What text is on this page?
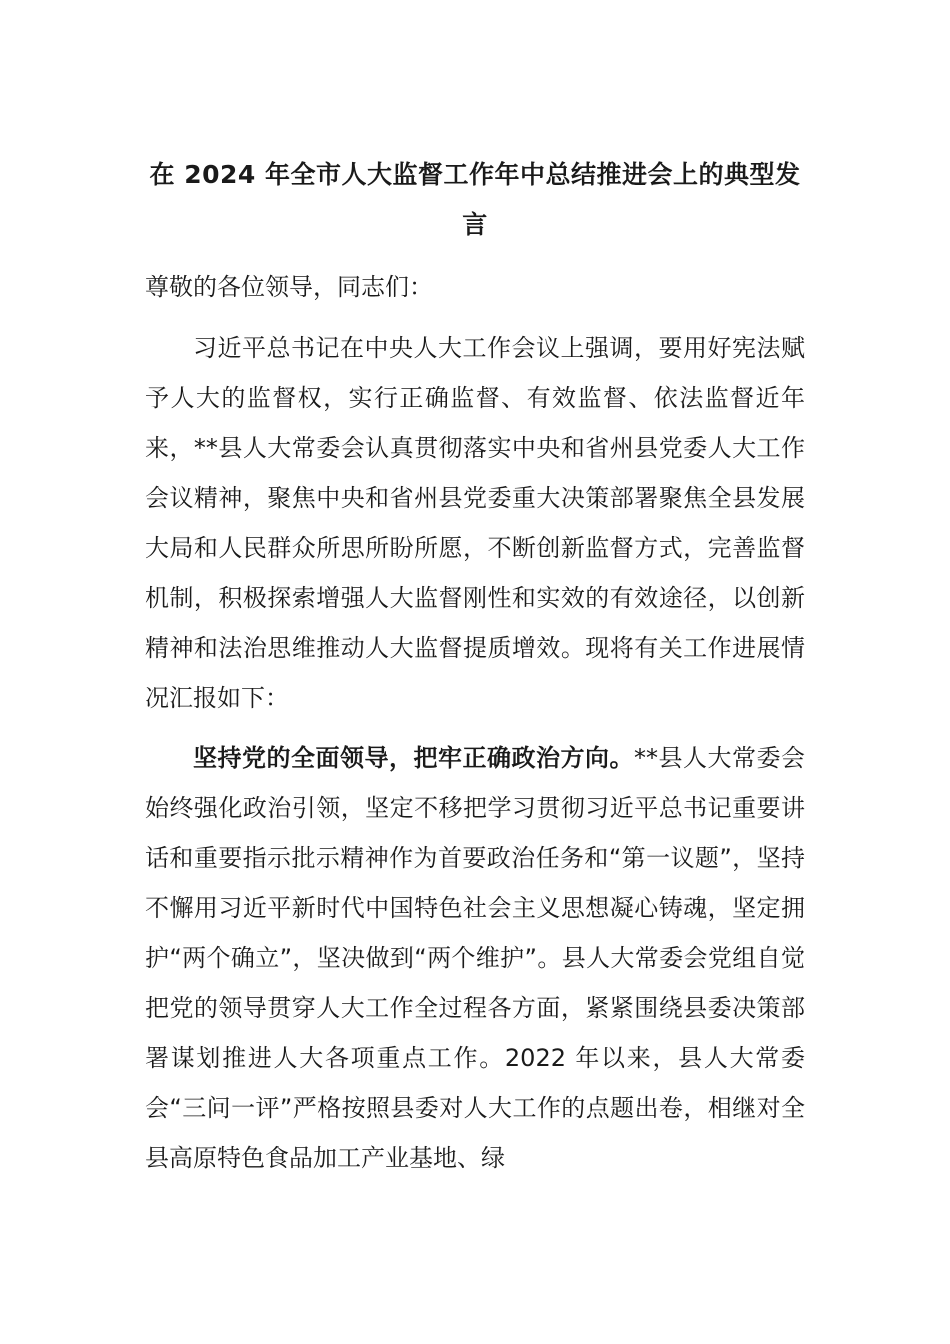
在 2024 年全市人大监督工作年中总结推进会上的典型发言

尊敬的各位领导，同志们：

习近平总书记在中央人大工作会议上强调，要用好宪法赋予人大的监督权，实行正确监督、有效监督、依法监督近年来，**县人大常委会认真贯彻落实中央和省州县党委人大工作会议精神，聚焦中央和省州县党委重大决策部署聚焦全县发展大局和人民群众所思所盼所愿，不断创新监督方式，完善监督机制，积极探索增强人大监督刚性和实效的有效途径，以创新精神和法治思维推动人大监督提质增效。现将有关工作进展情况汇报如下：

坚持党的全面领导，把牢正确政治方向。**县人大常委会始终强化政治引领，坚定不移把学习贯彻习近平总书记重要讲话和重要指示批示精神作为首要政治任务和“第一议题”，坚持不懈用习近平新时代中国特色社会主义思想凝心铸魂，坚定拥护“两个确立”，坚决做到“两个维护”。县人大常委会党组自觉把党的领导贯穿人大工作全过程各方面，紧紧围绕县委决策部署谋划推进人大各项重点工作。2022 年以来，县人大常委会“三问一评”严格按照县委对人大工作的点题出卷，相继对全县高原特色食品加工产业基地、绿
